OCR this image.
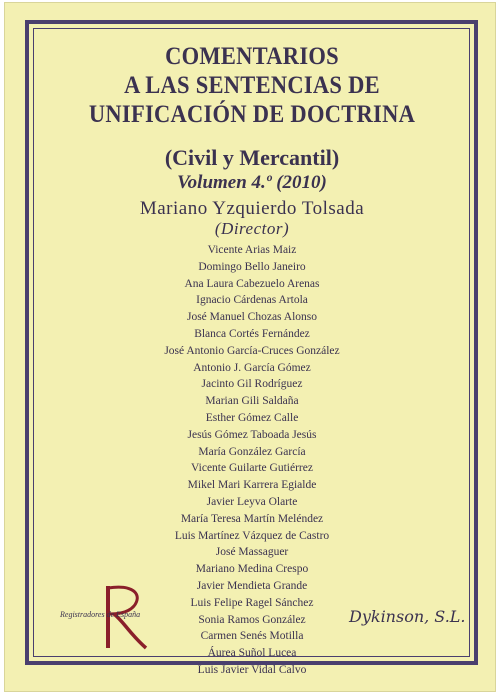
COMENTARIOS
A LAS SENTENCIAS DE
UNIFICACIÓN DE DOCTRINA
(Civil y Mercantil)
Volumen 4.º (2010)
Mariano Yzquierdo Tolsada
(Director)
Vicente Arias Maiz
Domingo Bello Janeiro
Ana Laura Cabezuelo Arenas
Ignacio Cárdenas Artola
José Manuel Chozas Alonso
Blanca Cortés Fernández
José Antonio García-Cruces González
Antonio J. García Gómez
Jacinto Gil Rodríguez
Marian Gili Saldaña
Esther Gómez Calle
Jesús Gómez Taboada Jesús
María González García
Vicente Guilarte Gutiérrez
Mikel Mari Karrera Egialde
Javier Leyva Olarte
María Teresa Martín Meléndez
Luis Martínez Vázquez de Castro
José Massaguer
Mariano Medina Crespo
Javier Mendieta Grande
Luis Felipe Ragel Sánchez
Sonia Ramos González
Carmen Senés Motilla
Áurea Suñol Lucea
Luis Javier Vidal Calvo
Registradores de España	Dykinson, S.L.
